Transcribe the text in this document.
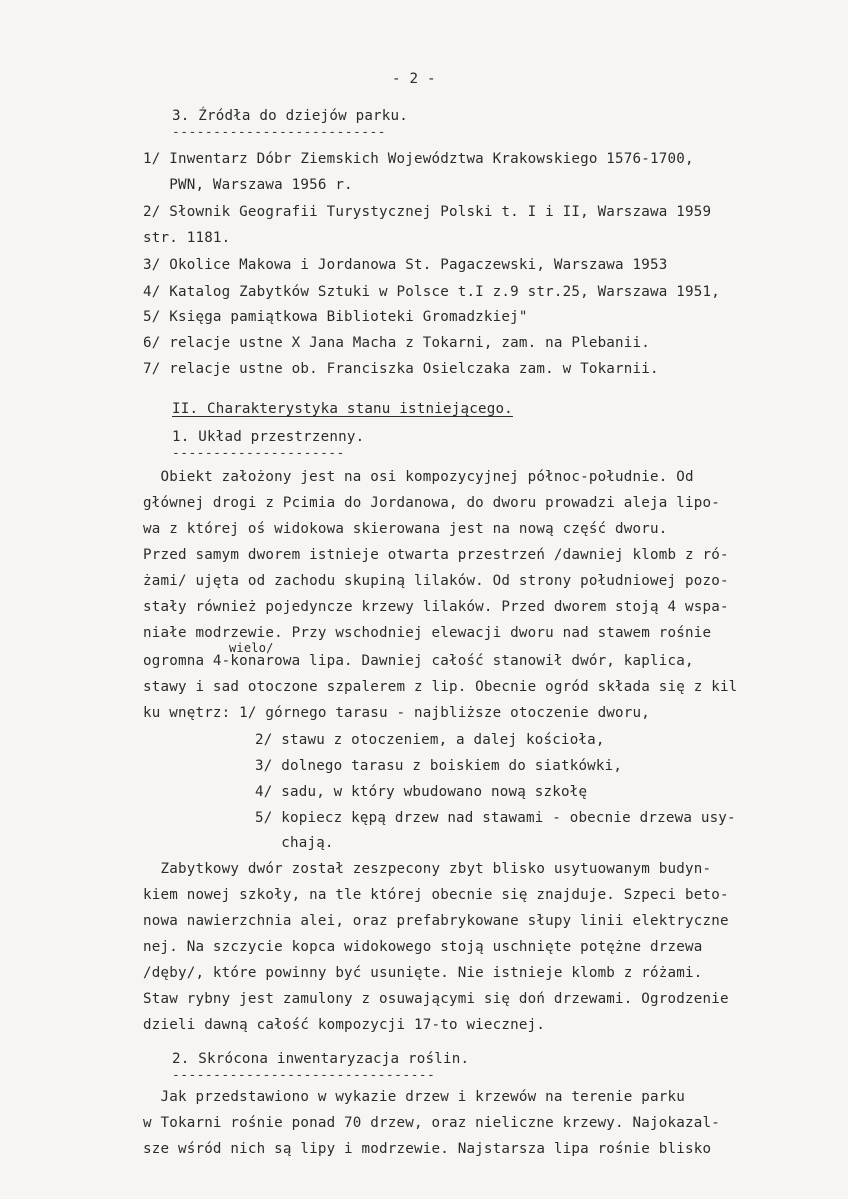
- 2 -
3. Źródła do dziejów parku.
--------------------------
1/ Inwentarz Dóbr Ziemskich Województwa Krakowskiego 1576-1700,
PWN, Warszawa 1956 r.
2/ Słownik Geografii Turystycznej Polski t. I i II, Warszawa 1959
str. 1181.
3/ Okolice Makowa i Jordanowa St. Pagaczewski, Warszawa 1953
4/ Katalog Zabytków Sztuki w Polsce t.I z.9 str.25, Warszawa 1951,
5/ Księga pamiątkowa Biblioteki Gromadzkiej"
6/ relacje ustne X Jana Macha z Tokarni, zam. na Plebanii.
7/ relacje ustne ob. Franciszka Osielczaka zam. w Tokarnii.
II. Charakterystyka stanu istniejącego.
1. Układ przestrzenny.
---------------------
Obiekt założony jest na osi kompozycyjnej północ-południe. Od
głównej drogi z Pcimia do Jordanowa, do dworu prowadzi aleja lipo-
wa z której oś widokowa skierowana jest na nową część dworu.
Przed samym dworem istnieje otwarta przestrzeń /dawniej klomb z ró-
żami/ ujęta od zachodu skupiną lilaków. Od strony południowej pozo-
stały również pojedyncze krzewy lilaków. Przed dworem stoją 4 wspa-
niałe modrzewie. Przy wschodniej elewacji dworu nad stawem rośnie
wielo/
ogromna 4-konarowa lipa. Dawniej całość stanowił dwór, kaplica,
stawy i sad otoczone szpalerem z lip. Obecnie ogród składa się z kil
ku wnętrz: 1/ górnego tarasu - najbliższe otoczenie dworu,
2/ stawu z otoczeniem, a dalej kościoła,
3/ dolnego tarasu z boiskiem do siatkówki,
4/ sadu, w który wbudowano nową szkołę
5/ kopiecz kępą drzew nad stawami - obecnie drzewa usy-
chają.
Zabytkowy dwór został zeszpecony zbyt blisko usytuowanym budyn-
kiem nowej szkoły, na tle której obecnie się znajduje. Szpeci beto-
nowa nawierzchnia alei, oraz prefabrykowane słupy linii elektryczne
nej. Na szczycie kopca widokowego stoją uschnięte potężne drzewa
/dęby/, które powinny być usunięte. Nie istnieje klomb z różami.
Staw rybny jest zamulony z osuwającymi się doń drzewami. Ogrodzenie
dzieli dawną całość kompozycji 17-to wiecznej.
2. Skrócona inwentaryzacja roślin.
--------------------------------
Jak przedstawiono w wykazie drzew i krzewów na terenie parku
w Tokarni rośnie ponad 70 drzew, oraz nieliczne krzewy. Najokazal-
sze wśród nich są lipy i modrzewie. Najstarsza lipa rośnie blisko
